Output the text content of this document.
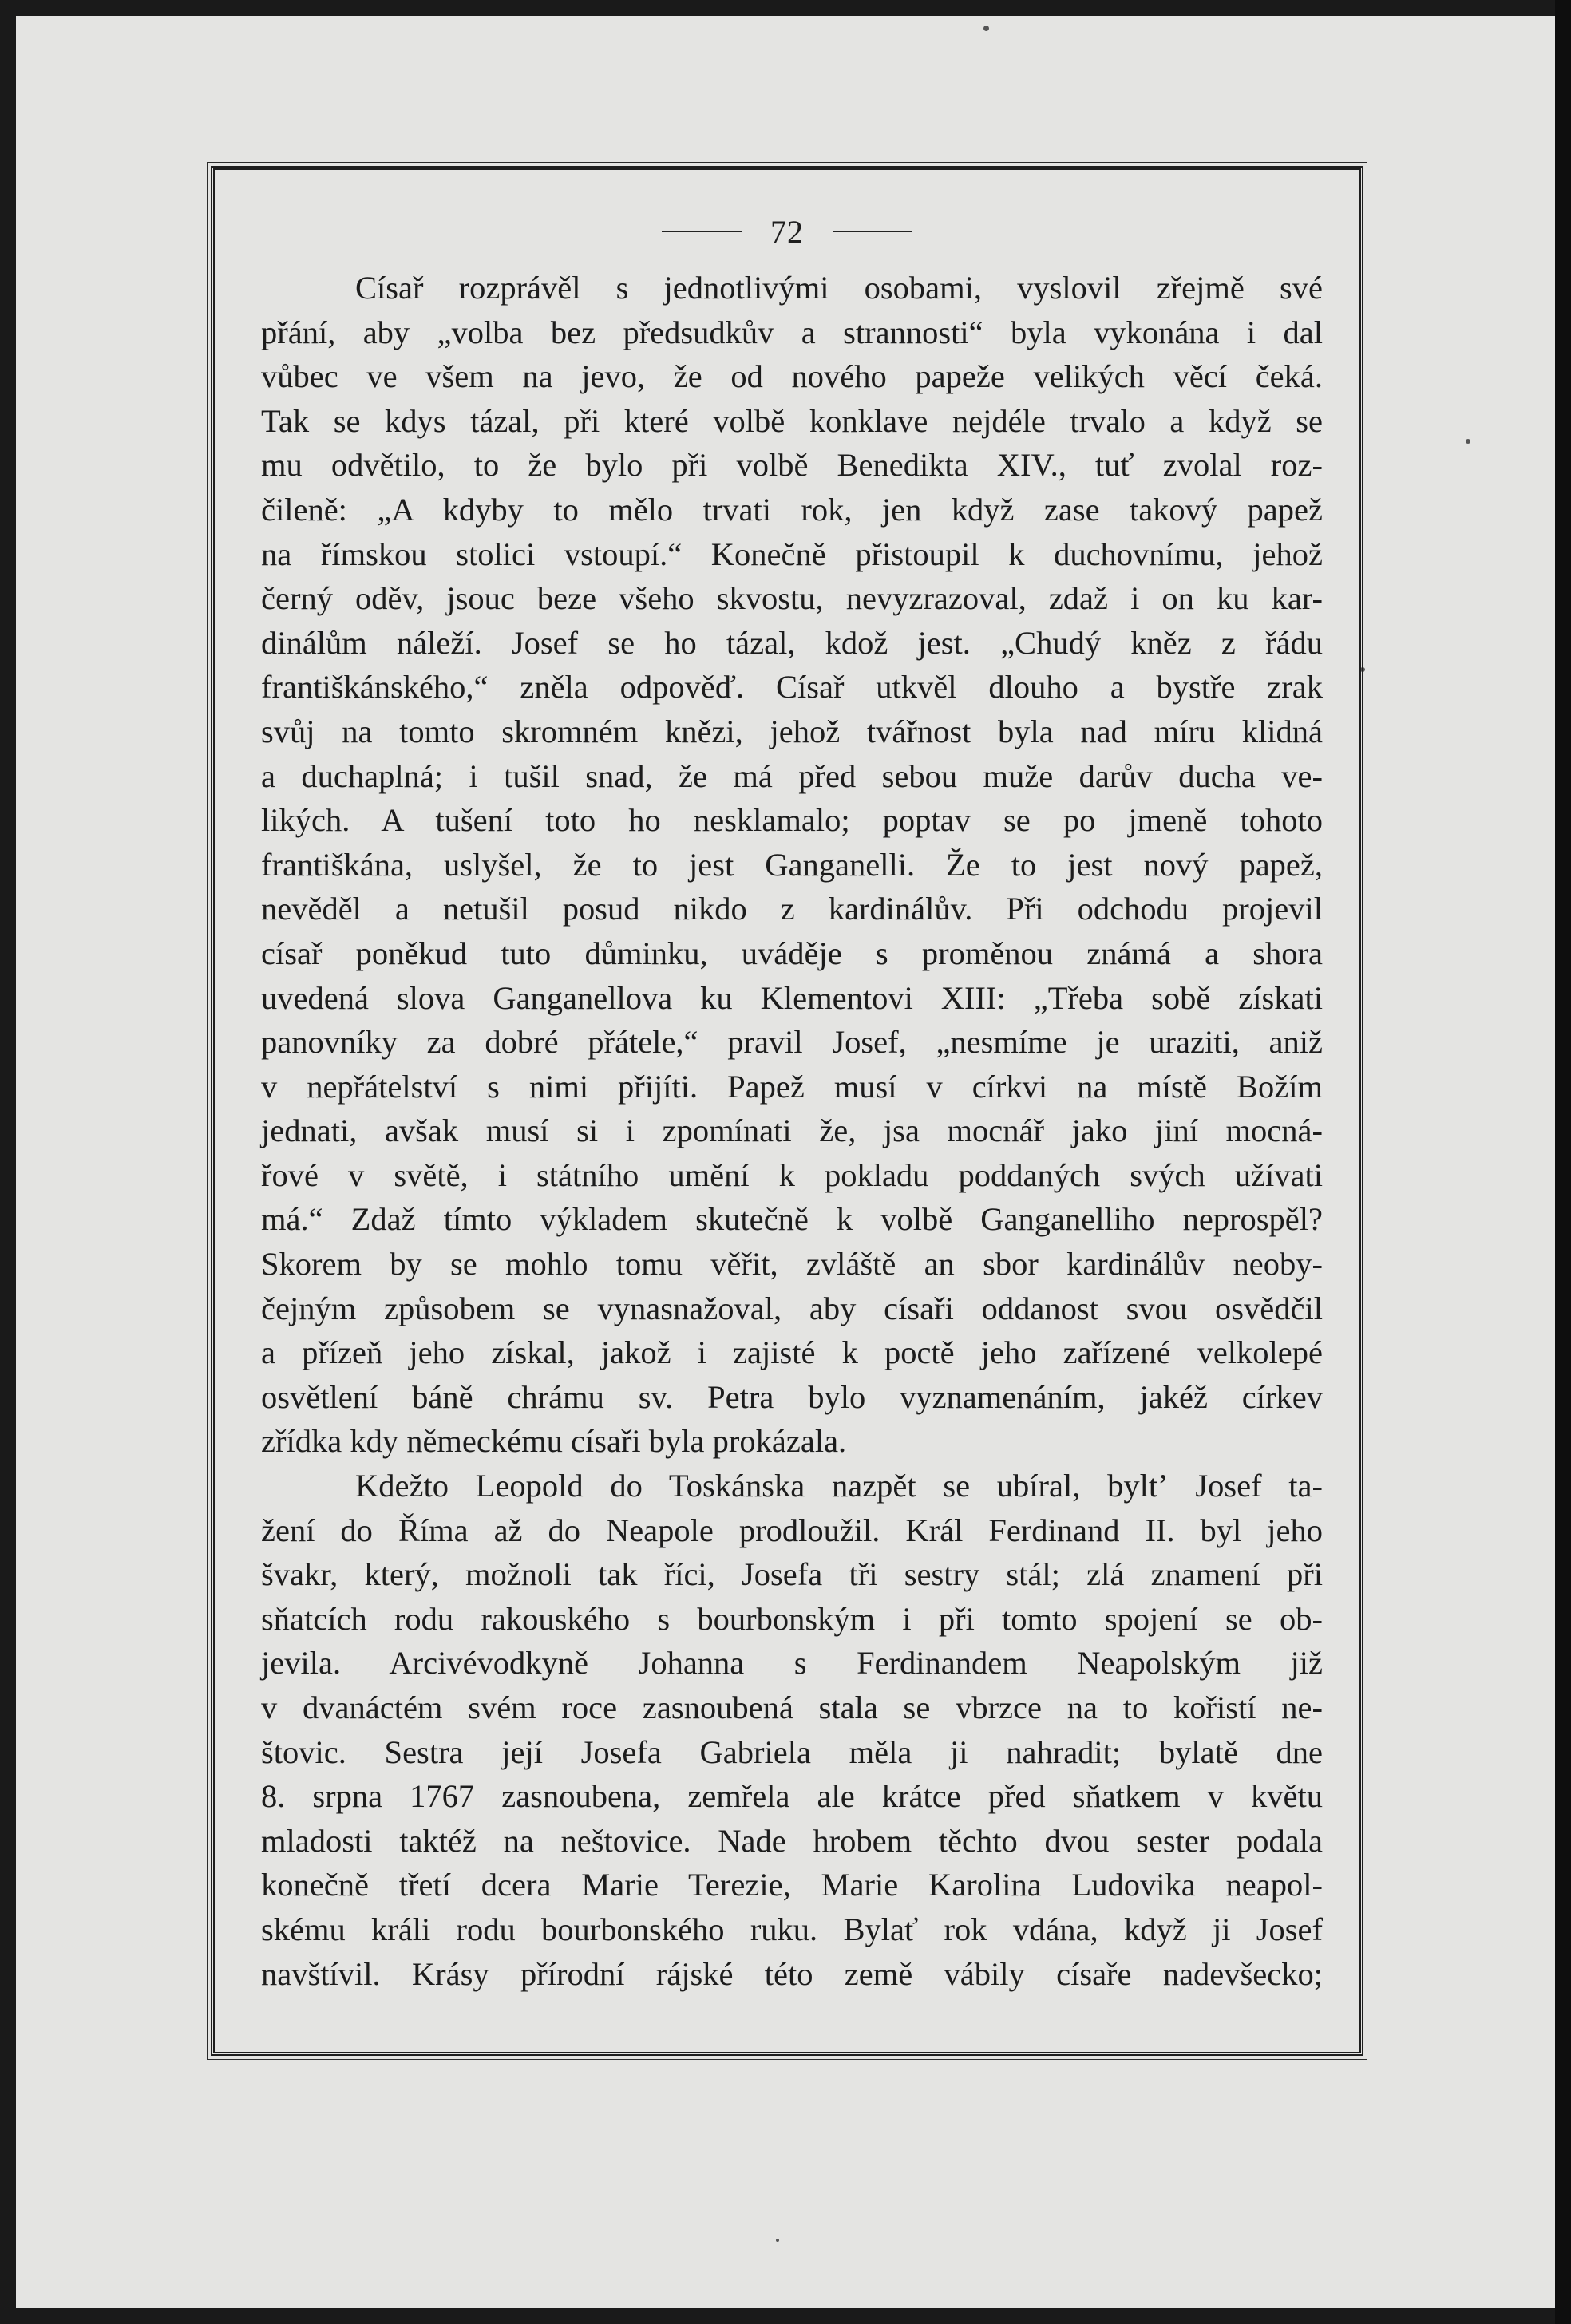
72
Císař rozprávěl s jednotlivými osobami, vyslovil zřejmě své
přání, aby „volba bez předsudkův a strannosti“ byla vykonána i dal
vůbec ve všem na jevo, že od nového papeže velikých věcí čeká.
Tak se kdys tázal, při které volbě konklave nejdéle trvalo a když se
mu odvětilo, to že bylo při volbě Benedikta XIV., tuť zvolal roz-
čileně: „A kdyby to mělo trvati rok, jen když zase takový papež
na římskou stolici vstoupí.“ Konečně přistoupil k duchovnímu, jehož
černý oděv, jsouc beze všeho skvostu, nevyzrazoval, zdaž i on ku kar-
dinálům náleží. Josef se ho tázal, kdož jest. „Chudý kněz z řádu
františkánského,“ zněla odpověď. Císař utkvěl dlouho a bystře zrak
svůj na tomto skromném knězi, jehož tvářnost byla nad míru klidná
a duchaplná; i tušil snad, že má před sebou muže darův ducha ve-
likých. A tušení toto ho nesklamalo; poptav se po jmeně tohoto
františkána, uslyšel, že to jest Ganganelli. Že to jest nový papež,
nevěděl a netušil posud nikdo z kardinálův. Při odchodu projevil
císař poněkud tuto důminku, uváděje s proměnou známá a shora
uvedená slova Ganganellova ku Klementovi XIII: „Třeba sobě získati
panovníky za dobré přátele,“ pravil Josef, „nesmíme je uraziti, aniž
v nepřátelství s nimi přijíti. Papež musí v církvi na místě Božím
jednati, avšak musí si i zpomínati že, jsa mocnář jako jiní mocná-
řové v světě, i státního umění k pokladu poddaných svých užívati
má.“ Zdaž tímto výkladem skutečně k volbě Ganganelliho neprospěl?
Skorem by se mohlo tomu věřit, zvláště an sbor kardinálův neoby-
čejným způsobem se vynasnažoval, aby císaři oddanost svou osvědčil
a přízeň jeho získal, jakož i zajisté k poctě jeho zařízené velkolepé
osvětlení báně chrámu sv. Petra bylo vyznamenáním, jakéž církev
zřídka kdy německému císaři byla prokázala.
Kdežto Leopold do Toskánska nazpět se ubíral, byltʼ Josef ta-
žení do Říma až do Neapole prodloužil. Král Ferdinand II. byl jeho
švakr, který, možnoli tak říci, Josefa tři sestry stál; zlá znamení při
sňatcích rodu rakouského s bourbonským i při tomto spojení se ob-
jevila. Arcivévodkyně Johanna s Ferdinandem Neapolským již
v dvanáctém svém roce zasnoubená stala se vbrzce na to kořistí ne-
štovic. Sestra její Josefa Gabriela měla ji nahradit; bylatě dne
8. srpna 1767 zasnoubena, zemřela ale krátce před sňatkem v květu
mladosti taktéž na neštovice. Nade hrobem těchto dvou sester podala
konečně třetí dcera Marie Terezie, Marie Karolina Ludovika neapol-
skému králi rodu bourbonského ruku. Bylať rok vdána, když ji Josef
navštívil. Krásy přírodní rájské této země vábily císaře nadevšecko;
